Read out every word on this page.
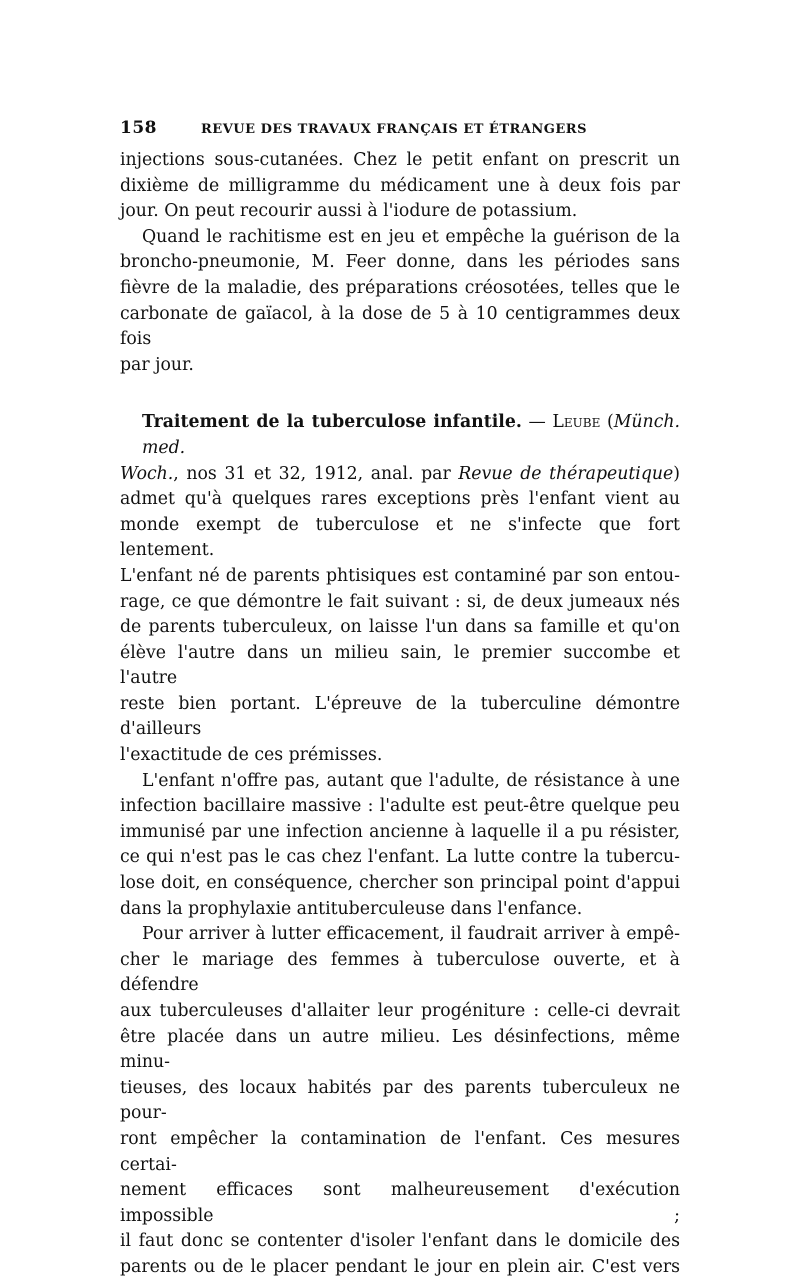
158	REVUE DES TRAVAUX FRANÇAIS ET ÉTRANGERS
injections sous-cutanées. Chez le petit enfant on prescrit un
dixième de milligramme du médicament une à deux fois par
jour. On peut recourir aussi à l'iodure de potassium.
Quand le rachitisme est en jeu et empêche la guérison de la
broncho-pneumonie, M. Feer donne, dans les périodes sans
fièvre de la maladie, des préparations créosotées, telles que le
carbonate de gaïacol, à la dose de 5 à 10 centigrammes deux fois
par jour.
Traitement de la tuberculose infantile. — Leube (Münch. med.
Woch., nos 31 et 32, 1912, anal. par Revue de thérapeutique)
admet qu'à quelques rares exceptions près l'enfant vient au
monde exempt de tuberculose et ne s'infecte que fort lentement.
L'enfant né de parents phtisiques est contaminé par son entou-
rage, ce que démontre le fait suivant : si, de deux jumeaux nés
de parents tuberculeux, on laisse l'un dans sa famille et qu'on
élève l'autre dans un milieu sain, le premier succombe et l'autre
reste bien portant. L'épreuve de la tuberculine démontre d'ailleurs
l'exactitude de ces prémisses.
L'enfant n'offre pas, autant que l'adulte, de résistance à une
infection bacillaire massive : l'adulte est peut-être quelque peu
immunisé par une infection ancienne à laquelle il a pu résister,
ce qui n'est pas le cas chez l'enfant. La lutte contre la tubercu-
lose doit, en conséquence, chercher son principal point d'appui
dans la prophylaxie antituberculeuse dans l'enfance.
Pour arriver à lutter efficacement, il faudrait arriver à empê-
cher le mariage des femmes à tuberculose ouverte, et à défendre
aux tuberculeuses d'allaiter leur progéniture : celle-ci devrait
être placée dans un autre milieu. Les désinfections, même minu-
tieuses, des locaux habités par des parents tuberculeux ne pour-
ront empêcher la contamination de l'enfant. Ces mesures certai-
nement efficaces sont malheureusement d'exécution impossible ;
il faut donc se contenter d'isoler l'enfant dans le domicile des
parents ou de le placer pendant le jour en plein air. C'est vers
